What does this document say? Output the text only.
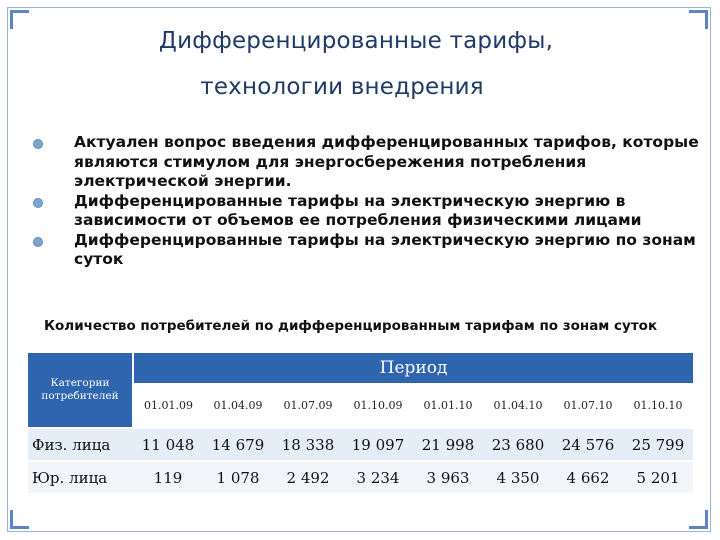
Дифференцированные тарифы,
технологии внедрения
Актуален вопрос введения дифференцированных тарифов, которые являются стимулом для энергосбережения потребления электрической энергии.
Дифференцированные тарифы на электрическую энергию в зависимости от объемов ее потребления физическими лицами
Дифференцированные тарифы на электрическую энергию по зонам суток
Количество потребителей по дифференцированным тарифам по зонам суток
Категории потребителей	Период							
	01.01.09	01.04.09	01.07.09	01.10.09	01.01.10	01.04.10	01.07.10	01.10.10
Физ. лица	11 048	14 679	18 338	19 097	21 998	23 680	24 576	25 799
Юр. лица	119	1 078	2 492	3 234	3 963	4 350	4 662	5 201
